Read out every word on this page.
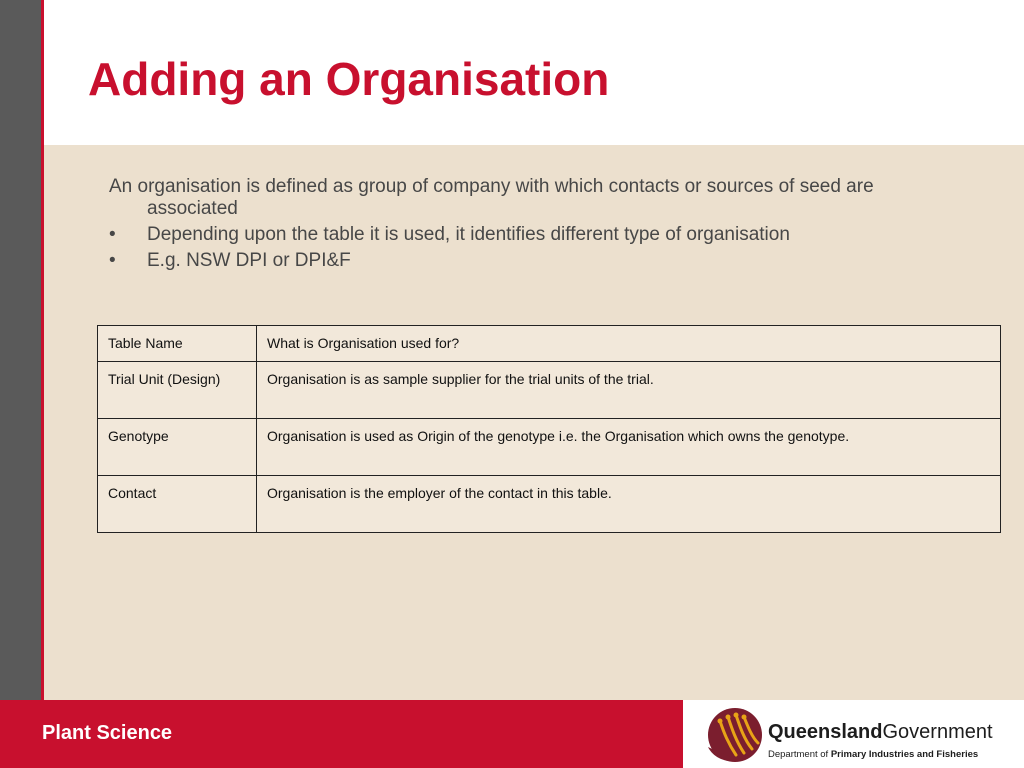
Adding an Organisation

An organisation is defined as group of company with which contacts or sources of seed are associated

•	Depending upon the table it is used, it identifies different type of organisation
•	E.g. NSW DPI or DPI&F
Table Name	What is Organisation used for?
Trial Unit (Design)	Organisation is as sample supplier for the trial units of the trial.
Genotype	Organisation is used as Origin of the genotype i.e. the Organisation which owns the genotype.
Contact	Organisation is the employer of the contact in this table.

Plant Science	QueenslandGovernment
Department of Primary Industries and Fisheries
